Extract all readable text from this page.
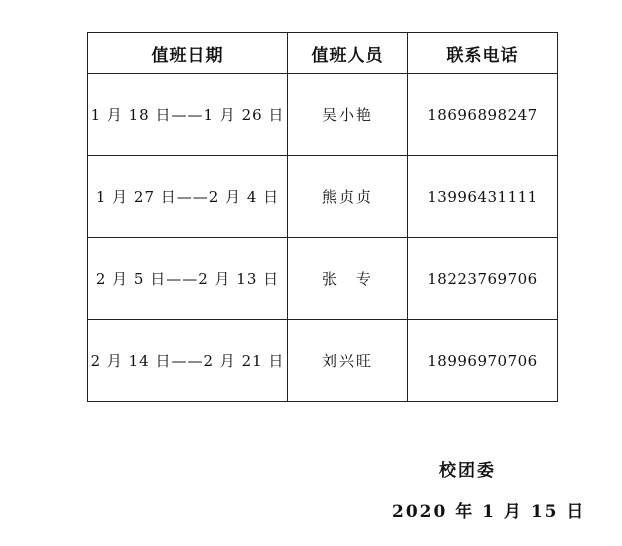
值班日期	值班人员	联系电话
1 月 18 日——1 月 26 日	吴小艳	18696898247
1 月 27 日——2 月 4 日	熊贞贞	13996431111
2 月 5 日——2 月 13 日	张　专	18223769706
2 月 14 日——2 月 21 日	刘兴旺	18996970706
校团委
2020 年 1 月 15 日
